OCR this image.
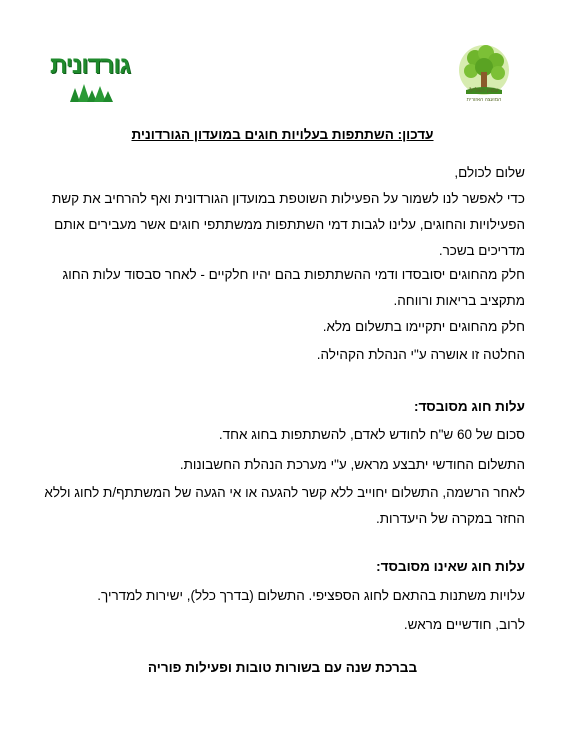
גורדונית
עמק הגליל
המועצה האזורית
עדכון: השתתפות בעלויות חוגים במועדון הגורדונית
שלום לכולם,
כדי לאפשר לנו לשמור על הפעילות השוטפת במועדון הגורדונית ואף להרחיב את קשת הפעילויות והחוגים, עלינו לגבות דמי השתתפות ממשתתפי חוגים אשר מעבירים אותם מדריכים בשכר.
חלק מהחוגים יסובסדו ודמי ההשתתפות בהם יהיו חלקיים - לאחר סבסוד עלות החוג מתקציב בריאות ורווחה.
חלק מהחוגים יתקיימו בתשלום מלא.
החלטה זו אושרה ע"י הנהלת הקהילה.
עלות חוג מסובסד:
סכום של 60 ש"ח לחודש לאדם, להשתתפות בחוג אחד.
התשלום החודשי יתבצע מראש, ע"י מערכת הנהלת החשבונות.
לאחר הרשמה, התשלום יחוייב ללא קשר להגעה או אי הגעה של המשתתף/ת לחוג וללא החזר במקרה של היעדרות.
עלות חוג שאינו מסובסד:
עלויות משתנות בהתאם לחוג הספציפי. התשלום (בדרך כלל), ישירות למדריך.
לרוב, חודשיים מראש.
בברכת שנה עם בשורות טובות ופעילות פוריה
